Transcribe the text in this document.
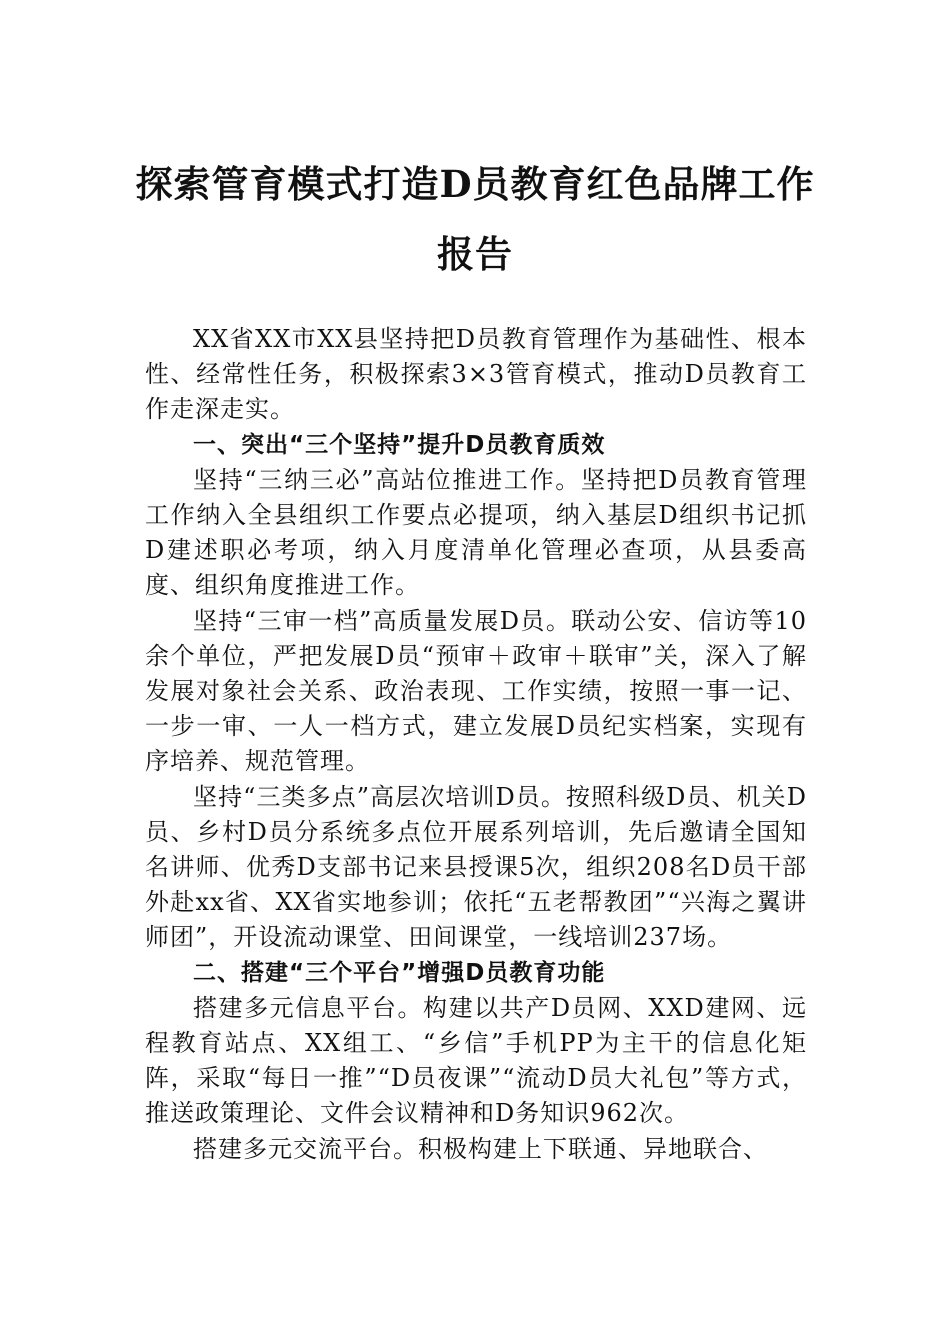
探索管育模式打造D员教育红色品牌工作
报告

XX省XX市XX县坚持把D员教育管理作为基础性、根本性、经常性任务，积极探索3×3管育模式，推动D员教育工作走深走实。

一、突出“三个坚持”提升D员教育质效

坚持“三纳三必”高站位推进工作。坚持把D员教育管理工作纳入全县组织工作要点必提项，纳入基层D组织书记抓D建述职必考项，纳入月度清单化管理必查项，从县委高度、组织角度推进工作。

坚持“三审一档”高质量发展D员。联动公安、信访等10余个单位，严把发展D员“预审＋政审＋联审”关，深入了解发展对象社会关系、政治表现、工作实绩，按照一事一记、一步一审、一人一档方式，建立发展D员纪实档案，实现有序培养、规范管理。

坚持“三类多点”高层次培训D员。按照科级D员、机关D员、乡村D员分系统多点位开展系列培训，先后邀请全国知名讲师、优秀D支部书记来县授课5次，组织208名D员干部外赴xx省、XX省实地参训；依托“五老帮教团”“兴海之翼讲师团”，开设流动课堂、田间课堂，一线培训237场。

二、搭建“三个平台”增强D员教育功能

搭建多元信息平台。构建以共产D员网、XXD建网、远程教育站点、XX组工、“乡信”手机PP为主干的信息化矩阵，采取“每日一推”“D员夜课”“流动D员大礼包”等方式，推送政策理论、文件会议精神和D务知识962次。

搭建多元交流平台。积极构建上下联通、异地联合、
